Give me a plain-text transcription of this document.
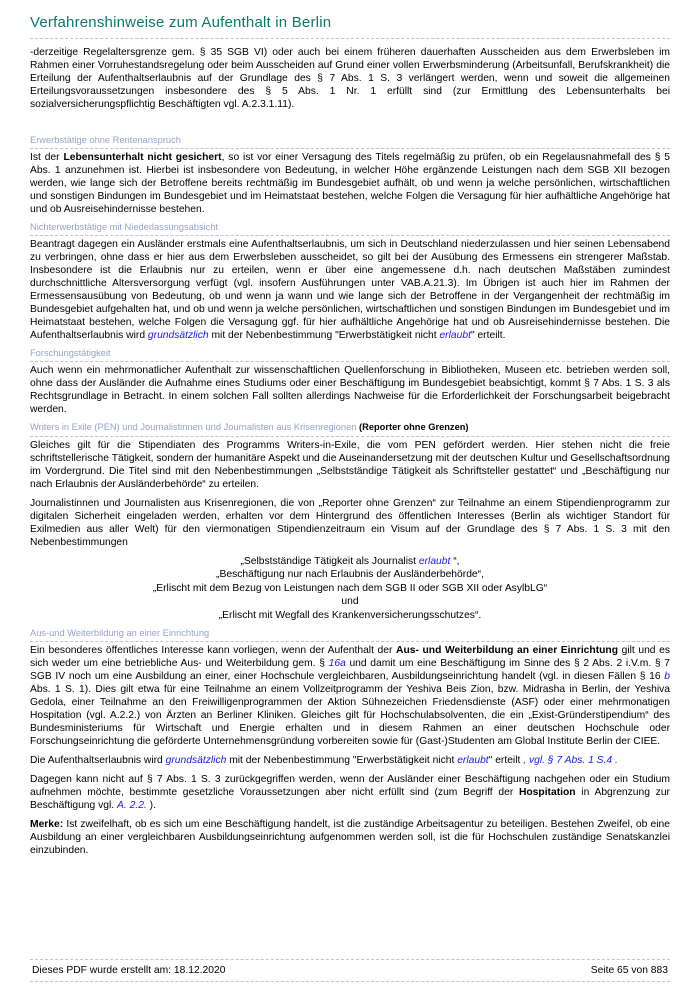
Verfahrenshinweise zum Aufenthalt in Berlin

-derzeitige Regelaltersgrenze gem. § 35 SGB VI) oder auch bei einem früheren dauerhaften Ausscheiden aus dem Erwerbsleben im Rahmen einer Vorruhestandsregelung oder beim Ausscheiden auf Grund einer vollen Erwerbsminderung (Arbeitsunfall, Berufskrankheit) die Erteilung der Aufenthaltserlaubnis auf der Grundlage des § 7 Abs. 1 S. 3 verlängert werden, wenn und soweit die allgemeinen Erteilungsvoraussetzungen insbesondere des § 5 Abs. 1 Nr. 1 erfüllt sind (zur Ermittlung des Lebensunterhalts bei sozialversicherungspflichtig Beschäftigten vgl. A.2.3.1.11).

Erwerbstätige ohne Rentenanspruch

Ist der Lebensunterhalt nicht gesichert, so ist vor einer Versagung des Titels regelmäßig zu prüfen, ob ein Regelausnahmefall des § 5 Abs. 1 anzunehmen ist. Hierbei ist insbesondere von Bedeutung, in welcher Höhe ergänzende Leistungen nach dem SGB XII bezogen werden, wie lange sich der Betroffene bereits rechtmäßig im Bundesgebiet aufhält, ob und wenn ja welche persönlichen, wirtschaftlichen und sonstigen Bindungen im Bundesgebiet und im Heimatstaat bestehen, welche Folgen die Versagung für hier aufhältliche Angehörige hat und ob Ausreisehindernisse bestehen.

Nichterwerbstätige mit Niederlassungsabsicht

Beantragt dagegen ein Ausländer erstmals eine Aufenthaltserlaubnis, um sich in Deutschland niederzulassen und hier seinen Lebensabend zu verbringen, ohne dass er hier aus dem Erwerbsleben ausscheidet, so gilt bei der Ausübung des Ermessens ein strengerer Maßstab. Insbesondere ist die Erlaubnis nur zu erteilen, wenn er über eine angemessene d.h. nach deutschen Maßstäben zumindest durchschnittliche Altersversorgung verfügt (vgl. insofern Ausführungen unter VAB.A.21.3). Im Übrigen ist auch hier im Rahmen der Ermessensausübung von Bedeutung, ob und wenn ja wann und wie lange sich der Betroffene in der Vergangenheit der rechtmäßig im Bundesgebiet aufgehalten hat, und ob und wenn ja welche persönlichen, wirtschaftlichen und sonstigen Bindungen im Bundesgebiet und im Heimatstaat bestehen, welche Folgen die Versagung ggf. für hier aufhältliche Angehörige hat und ob Ausreisehindernisse bestehen. Die Aufenthaltserlaubnis wird grundsätzlich mit der Nebenbestimmung "Erwerbstätigkeit nicht erlaubt" erteilt.

Forschungstätigkeit

Auch wenn ein mehrmonatlicher Aufenthalt zur wissenschaftlichen Quellenforschung in Bibliotheken, Museen etc. betrieben werden soll, ohne dass der Ausländer die Aufnahme eines Studiums oder einer Beschäftigung im Bundesgebiet beabsichtigt, kommt § 7 Abs. 1 S. 3 als Rechtsgrundlage in Betracht. In einem solchen Fall sollten allerdings Nachweise für die Erforderlichkeit der Forschungsarbeit beigebracht werden.

Writers in Exile (PEN) und Journalistinnen und Journalisten aus Krisenregionen (Reporter ohne Grenzen)

Gleiches gilt für die Stipendiaten des Programms Writers-in-Exile, die vom PEN gefördert werden. Hier stehen nicht die freie schriftstellerische Tätigkeit, sondern der humanitäre Aspekt und die Auseinandersetzung mit der deutschen Kultur und Gesellschaftsordnung im Vordergrund. Die Titel sind mit den Nebenbestimmungen „Selbstständige Tätigkeit als Schriftsteller gestattet“ und „Beschäftigung nur nach Erlaubnis der Ausländerbehörde“ zu erteilen.

Journalistinnen und Journalisten aus Krisenregionen, die von „Reporter ohne Grenzen“ zur Teilnahme an einem Stipendienprogramm zur digitalen Sicherheit eingeladen werden, erhalten vor dem Hintergrund des öffentlichen Interesses (Berlin als wichtiger Standort für Exilmedien aus aller Welt) für den viermonatigen Stipendienzeitraum ein Visum auf der Grundlage des § 7 Abs. 1 S. 3 mit den Nebenbestimmungen

„Selbstständige Tätigkeit als Journalist erlaubt “,
„Beschäftigung nur nach Erlaubnis der Ausländerbehörde“,
„Erlischt mit dem Bezug von Leistungen nach dem SGB II oder SGB XII oder AsylbLG“
und
„Erlischt mit Wegfall des Krankenversicherungsschutzes“.
Aus-und Weiterbildung an einer Einrichtung

Ein besonderes öffentliches Interesse kann vorliegen, wenn der Aufenthalt der Aus- und Weiterbildung an einer Einrichtung gilt und es sich weder um eine betriebliche Aus- und Weiterbildung gem. § 16a und damit um eine Beschäftigung im Sinne des § 2 Abs. 2 i.V.m. § 7 SGB IV noch um eine Ausbildung an einer, einer Hochschule vergleichbaren, Ausbildungseinrichtung handelt (vgl. in diesen Fällen § 16 b Abs. 1 S. 1). Dies gilt etwa für eine Teilnahme an einem Vollzeitprogramm der Yeshiva Beis Zion, bzw. Midrasha in Berlin, der Yeshiva Gedola, einer Teilnahme an den Freiwilligenprogrammen der Aktion Sühnezeichen Friedensdienste (ASF) oder einer mehrmonatigen Hospitation (vgl. A.2.2.) von Ärzten an Berliner Kliniken. Gleiches gilt für Hochschulabsolventen, die ein „Exist-Gründerstipendium“ des Bundesministeriums für Wirtschaft und Energie erhalten und in diesem Rahmen an einer deutschen Hochschule oder Forschungseinrichtung die geförderte Unternehmensgründung vorbereiten sowie für (Gast-)Studenten am Global Institute Berlin der CIEE.

Die Aufenthaltserlaubnis wird grundsätzlich mit der Nebenbestimmung "Erwerbstätigkeit nicht erlaubt" erteilt , vgl. § 7 Abs. 1 S.4 .

Dagegen kann nicht auf § 7 Abs. 1 S. 3 zurückgegriffen werden, wenn der Ausländer einer Beschäftigung nachgehen oder ein Studium aufnehmen möchte, bestimmte gesetzliche Voraussetzungen aber nicht erfüllt sind (zum Begriff der Hospitation in Abgrenzung zur Beschäftigung vgl. A. 2.2. ).

Merke: Ist zweifelhaft, ob es sich um eine Beschäftigung handelt, ist die zuständige Arbeitsagentur zu beteiligen. Bestehen Zweifel, ob eine Ausbildung an einer vergleichbaren Ausbildungseinrichtung aufgenommen werden soll, ist die für Hochschulen zuständige Senatskanzlei einzubinden.

Dieses PDF wurde erstellt am: 18.12.2020	Seite 65 von 883
